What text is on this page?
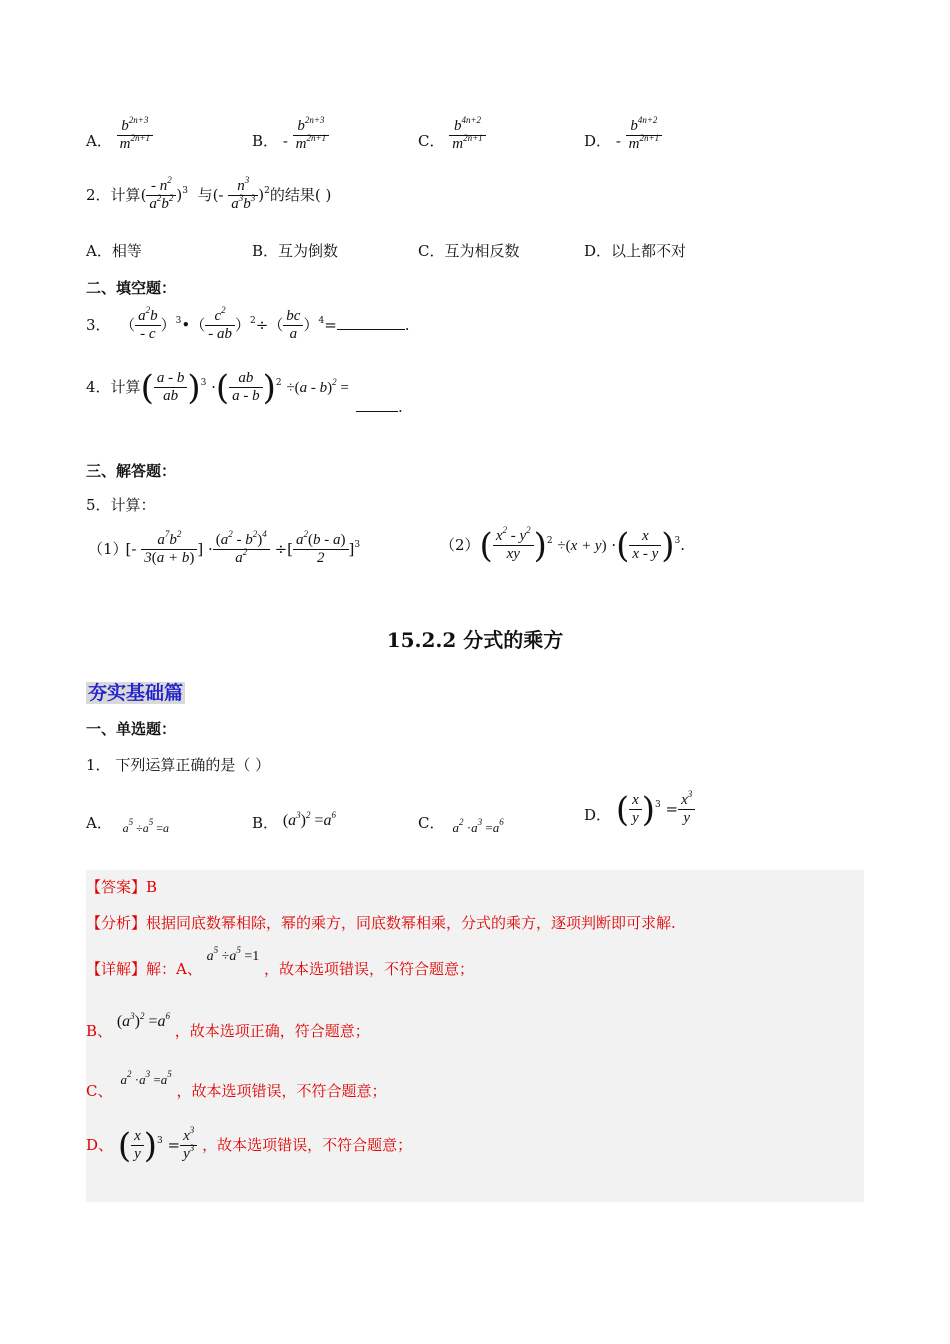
A． $\frac{b^{2n+3}}{m^{2n+1}}$	B． - $\frac{b^{2n+3}}{m^{2n+1}}$	C． $\frac{b^{4n+2}}{m^{2n+1}}$	D． - $\frac{b^{4n+2}}{m^{2n+1}}$
2．计算( $\frac{- n^2}{a^2b^2} )^3$ 与(- $\frac{n^3}{a^3b^3} )^2$的结果( )
A．相等	B．互为倒数	C．互为相反数	D．以上都不对
二、填空题：
3． （ $\frac{a^2b}{- c}$ ）$^3$•（ $\frac{c^2}{- ab} )^2\div( \frac{bc}{a} )^4=$	.
4．计算( $\frac{a - b}{ab} )^3$ ·( $\frac{ab}{a - b} )^2 \div(a - b)^2$ =
.
三、解答题：
5．计算：
$(1)[- \frac{a^7b^2}{3(a + b)}$ ] · $\frac{(a^2 - b^2)^4}{a^2}$ ÷[ $\frac{a^2(b - a)}{2} ]^3$	$(2)( \frac{x^2 - y^2}{xy} )^2 \div(x + y)$ ·( $\frac{x}{x - y} )^3$.
15.2.2 分式的乘方
夯实基础篇
一、单选题：
1． 下列运算正确的是（ ）
A．   $_{a^5 \div a^5 =a}$	B． $(a^3)^2 =a^6$	C．  $a^2 \cdot a^3 =a^6$	D． ( $\frac{x}{y} )^3 = \frac{x^3}{y}$
【答案】B
【分析】根据同底数幂相除，幂的乘方，同底数幂相乘，分式的乘方，逐项判断即可求解.
【详解】解：A、 $a^5 \div a^5 =1$ ，故本选项错误，不符合题意；
B、 $(a^3)^2 =a^6$ ，故本选项正确，符合题意；
C、  $a^2 \cdot a^3 =a^5$ ，故本选项错误，不符合题意；
D、 ( $\frac{x}{y} )^3 = \frac{x^3}{y^3}$ ，故本选项错误，不符合题意；
